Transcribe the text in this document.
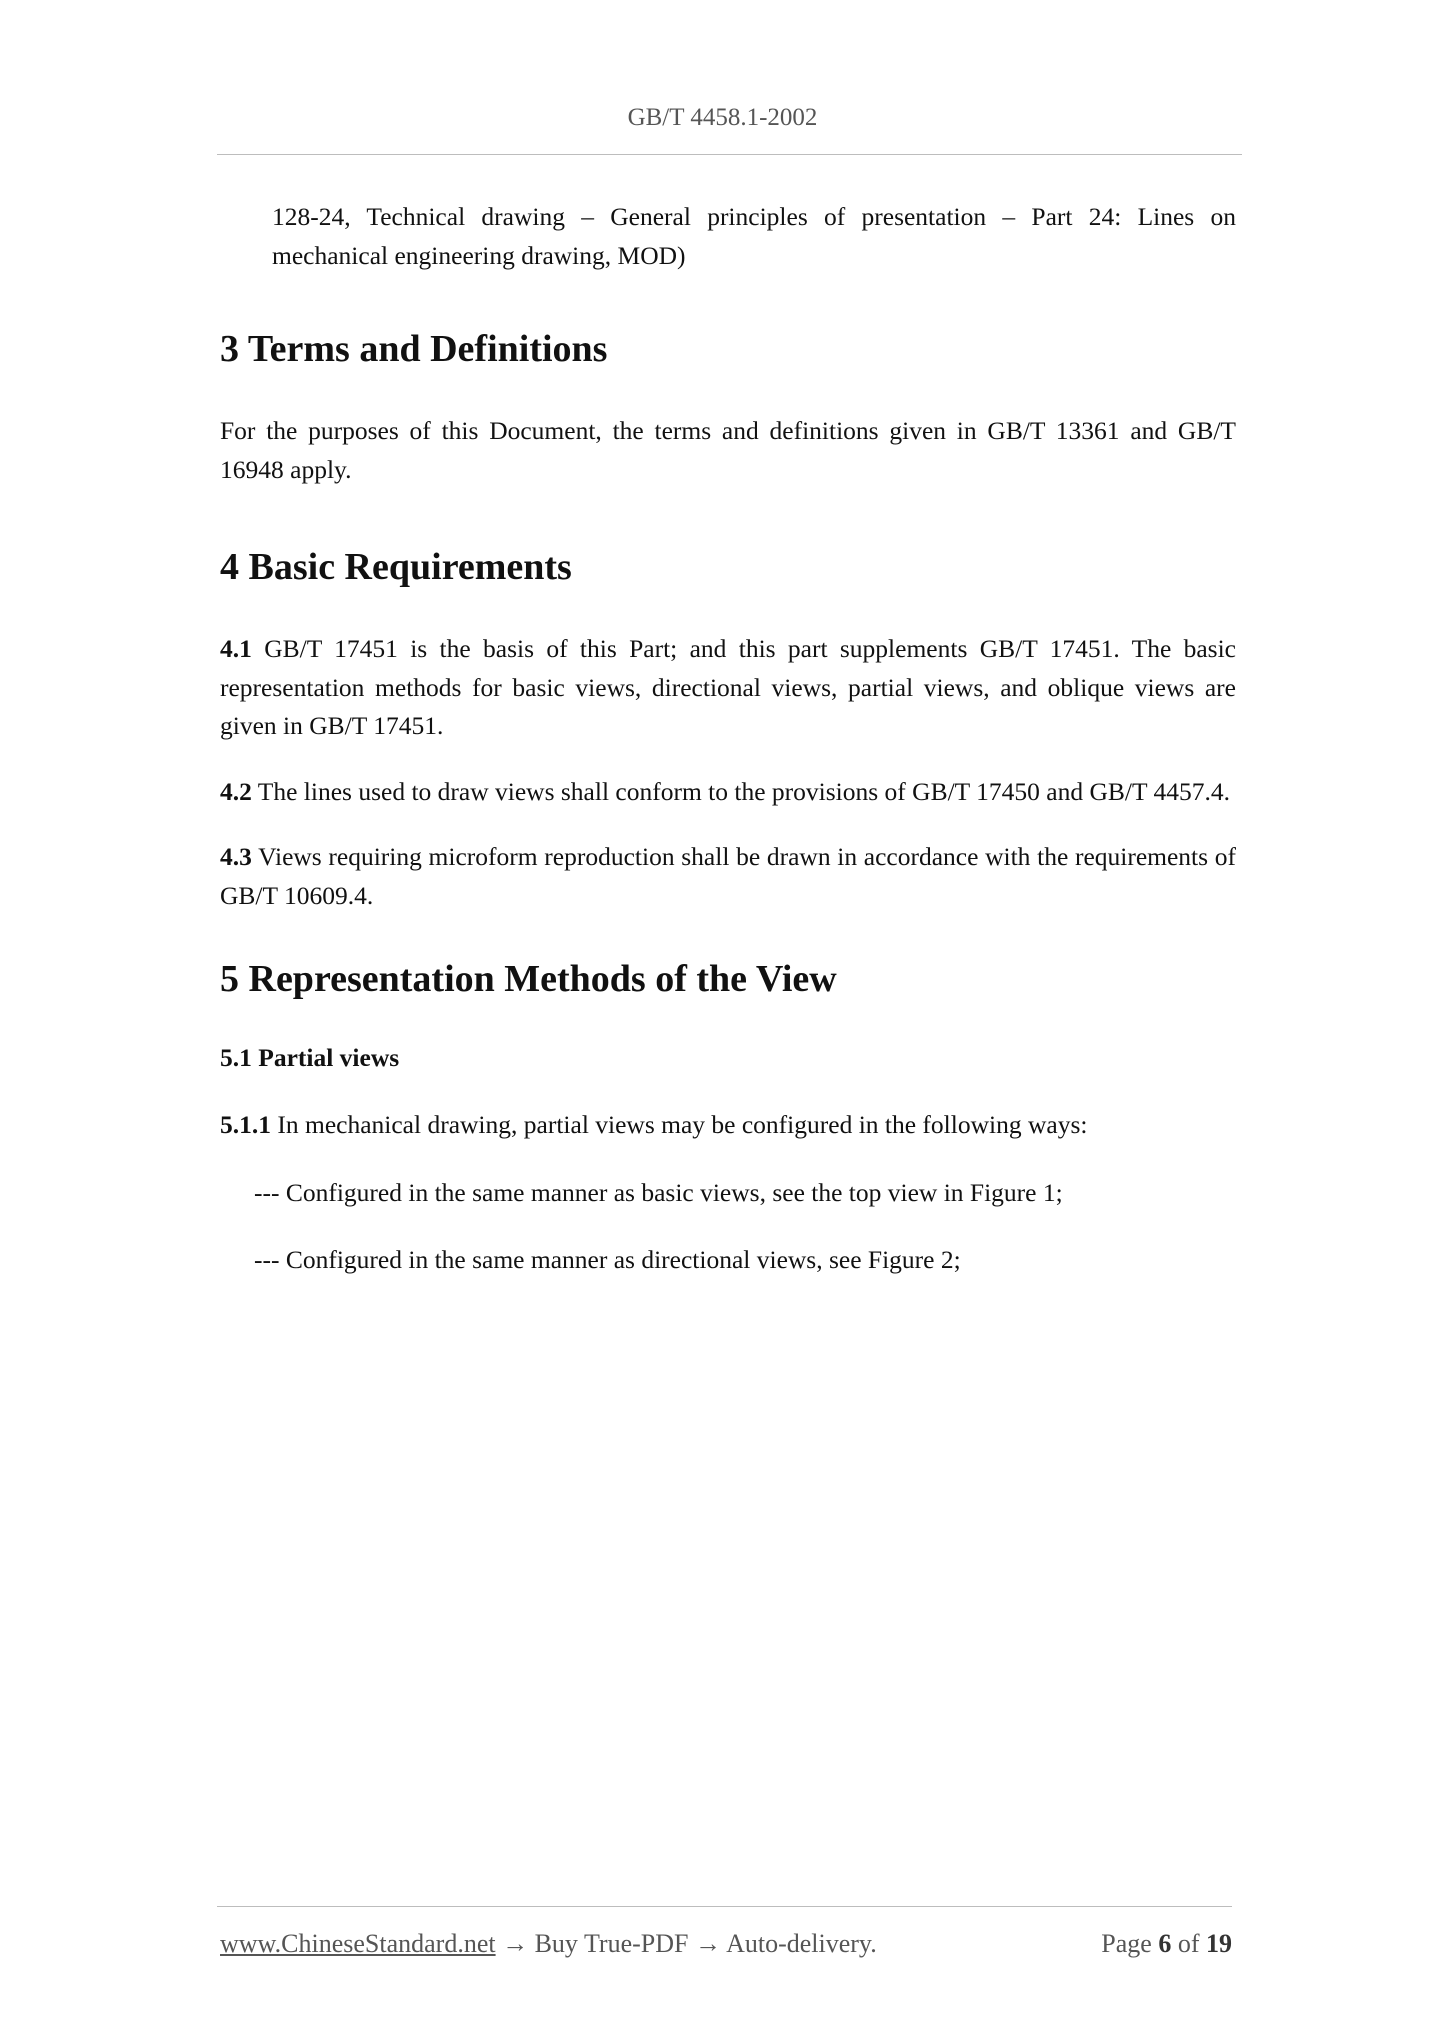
GB/T 4458.1-2002

128-24, Technical drawing – General principles of presentation – Part 24: Lines on mechanical engineering drawing, MOD)

3 Terms and Definitions

For the purposes of this Document, the terms and definitions given in GB/T 13361 and GB/T 16948 apply.

4 Basic Requirements

4.1 GB/T 17451 is the basis of this Part; and this part supplements GB/T 17451. The basic representation methods for basic views, directional views, partial views, and oblique views are given in GB/T 17451.

4.2 The lines used to draw views shall conform to the provisions of GB/T 17450 and GB/T 4457.4.

4.3 Views requiring microform reproduction shall be drawn in accordance with the requirements of GB/T 10609.4.

5 Representation Methods of the View
5.1 Partial views

5.1.1 In mechanical drawing, partial views may be configured in the following ways:

--- Configured in the same manner as basic views, see the top view in Figure 1;

--- Configured in the same manner as directional views, see Figure 2;

www.ChineseStandard.net → Buy True-PDF → Auto-delivery.	Page 6 of 19
